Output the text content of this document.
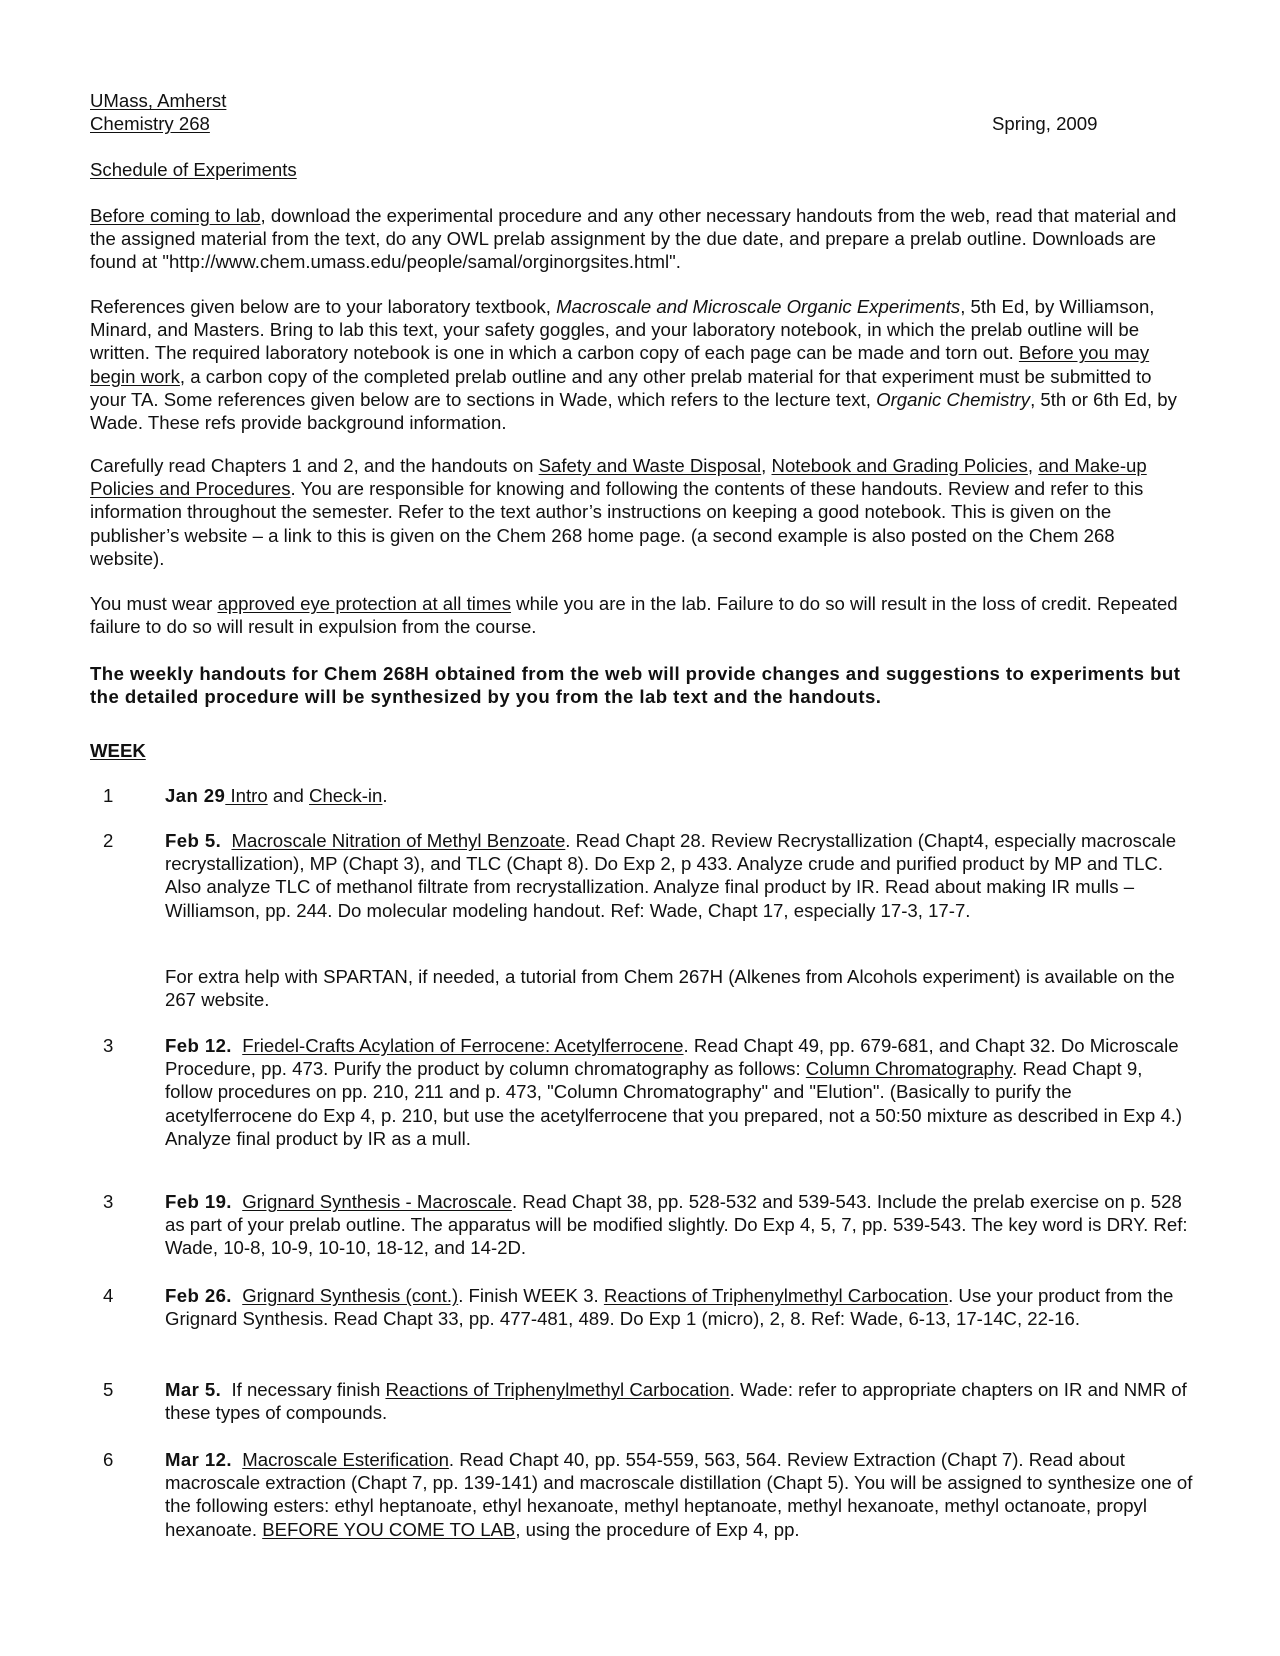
UMass, Amherst
Chemistry 268	Spring, 2009
Schedule of Experiments

Before coming to lab, download the experimental procedure and any other necessary handouts from the web, read that material and the assigned material from the text, do any OWL prelab assignment by the due date, and prepare a prelab outline. Downloads are found at "http://www.chem.umass.edu/people/samal/orginorgsites.html".

References given below are to your laboratory textbook, Macroscale and Microscale Organic Experiments, 5th Ed, by Williamson, Minard, and Masters. Bring to lab this text, your safety goggles, and your laboratory notebook, in which the prelab outline will be written. The required laboratory notebook is one in which a carbon copy of each page can be made and torn out. Before you may begin work, a carbon copy of the completed prelab outline and any other prelab material for that experiment must be submitted to your TA. Some references given below are to sections in Wade, which refers to the lecture text, Organic Chemistry, 5th or 6th Ed, by Wade. These refs provide background information.

Carefully read Chapters 1 and 2, and the handouts on Safety and Waste Disposal, Notebook and Grading Policies, and Make-up Policies and Procedures. You are responsible for knowing and following the contents of these handouts. Review and refer to this information throughout the semester. Refer to the text author’s instructions on keeping a good notebook. This is given on the publisher’s website – a link to this is given on the Chem 268 home page. (a second example is also posted on the Chem 268 website).

You must wear approved eye protection at all times while you are in the lab. Failure to do so will result in the loss of credit. Repeated failure to do so will result in expulsion from the course.

The weekly handouts for Chem 268H obtained from the web will provide changes and suggestions to experiments but the detailed procedure will be synthesized by you from the lab text and the handouts.

WEEK
1	Jan 29 Intro and Check-in.

2	Feb 5. Macroscale Nitration of Methyl Benzoate. Read Chapt 28. Review Recrystallization (Chapt4, especially macroscale recrystallization), MP (Chapt 3), and TLC (Chapt 8). Do Exp 2, p 433. Analyze crude and purified product by MP and TLC. Also analyze TLC of methanol filtrate from recrystallization. Analyze final product by IR. Read about making IR mulls – Williamson, pp. 244. Do molecular modeling handout. Ref: Wade, Chapt 17, especially 17-3, 17-7.

For extra help with SPARTAN, if needed, a tutorial from Chem 267H (Alkenes from Alcohols experiment) is available on the 267 website.

3	Feb 12. Friedel-Crafts Acylation of Ferrocene: Acetylferrocene. Read Chapt 49, pp. 679-681, and Chapt 32. Do Microscale Procedure, pp. 473. Purify the product by column chromatography as follows: Column Chromatography. Read Chapt 9, follow procedures on pp. 210, 211 and p. 473, "Column Chromatography" and "Elution". (Basically to purify the acetylferrocene do Exp 4, p. 210, but use the acetylferrocene that you prepared, not a 50:50 mixture as described in Exp 4.) Analyze final product by IR as a mull.

3	Feb 19. Grignard Synthesis - Macroscale. Read Chapt 38, pp. 528-532 and 539-543. Include the prelab exercise on p. 528 as part of your prelab outline. The apparatus will be modified slightly. Do Exp 4, 5, 7, pp. 539-543. The key word is DRY. Ref: Wade, 10-8, 10-9, 10-10, 18-12, and 14-2D.

4	Feb 26. Grignard Synthesis (cont.). Finish WEEK 3. Reactions of Triphenylmethyl Carbocation. Use your product from the Grignard Synthesis. Read Chapt 33, pp. 477-481, 489. Do Exp 1 (micro), 2, 8. Ref: Wade, 6-13, 17-14C, 22-16.

5	Mar 5.  If necessary finish Reactions of Triphenylmethyl Carbocation. Wade: refer to appropriate chapters on IR and NMR of these types of compounds.

6	Mar 12. Macroscale Esterification. Read Chapt 40, pp. 554-559, 563, 564. Review Extraction (Chapt 7). Read about macroscale extraction (Chapt 7, pp. 139-141) and macroscale distillation (Chapt 5). You will be assigned to synthesize one of the following esters: ethyl heptanoate, ethyl hexanoate, methyl heptanoate, methyl hexanoate, methyl octanoate, propyl hexanoate. BEFORE YOU COME TO LAB, using the procedure of Exp 4, pp.
